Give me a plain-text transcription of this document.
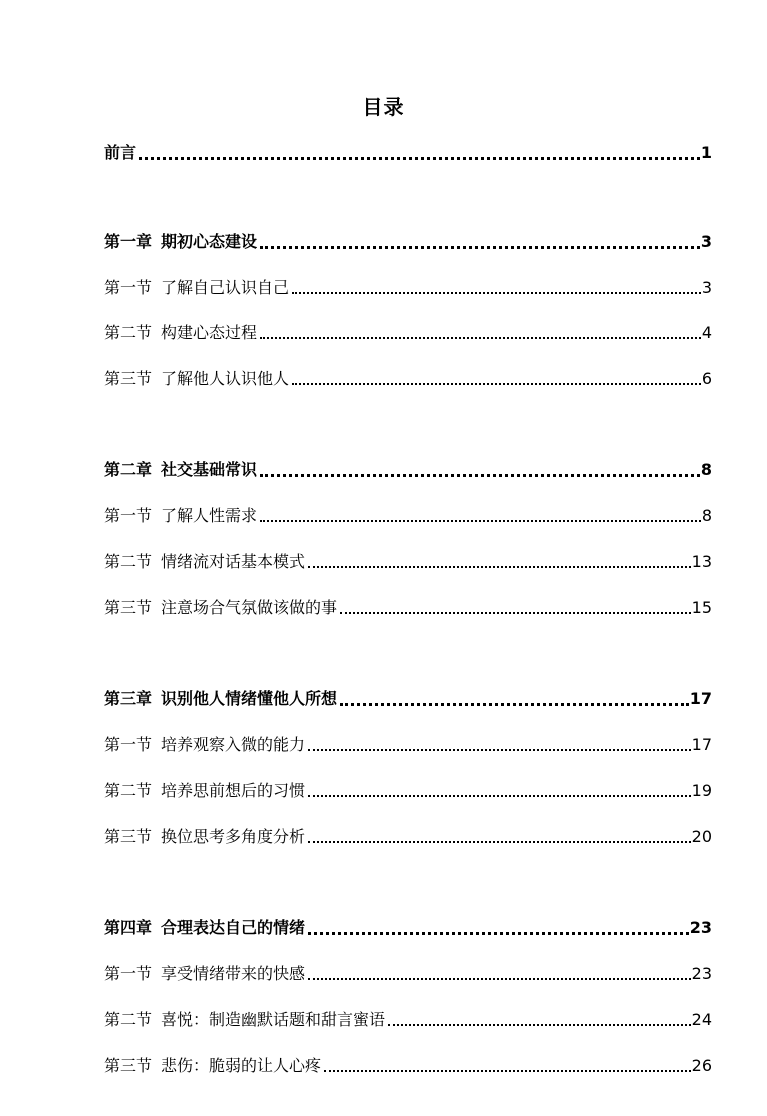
目录
前言	1
第一章 期初心态建设	3
第一节 了解自己认识自己	3
第二节 构建心态过程	4
第三节 了解他人认识他人	6
第二章 社交基础常识	8
第一节 了解人性需求	8
第二节 情绪流对话基本模式	13
第三节 注意场合气氛做该做的事	15
第三章 识别他人情绪懂他人所想	17
第一节 培养观察入微的能力	17
第二节 培养思前想后的习惯	19
第三节 换位思考多角度分析	20
第四章 合理表达自己的情绪	23
第一节 享受情绪带来的快感	23
第二节 喜悦：制造幽默话题和甜言蜜语	24
第三节 悲伤：脆弱的让人心疼	26
